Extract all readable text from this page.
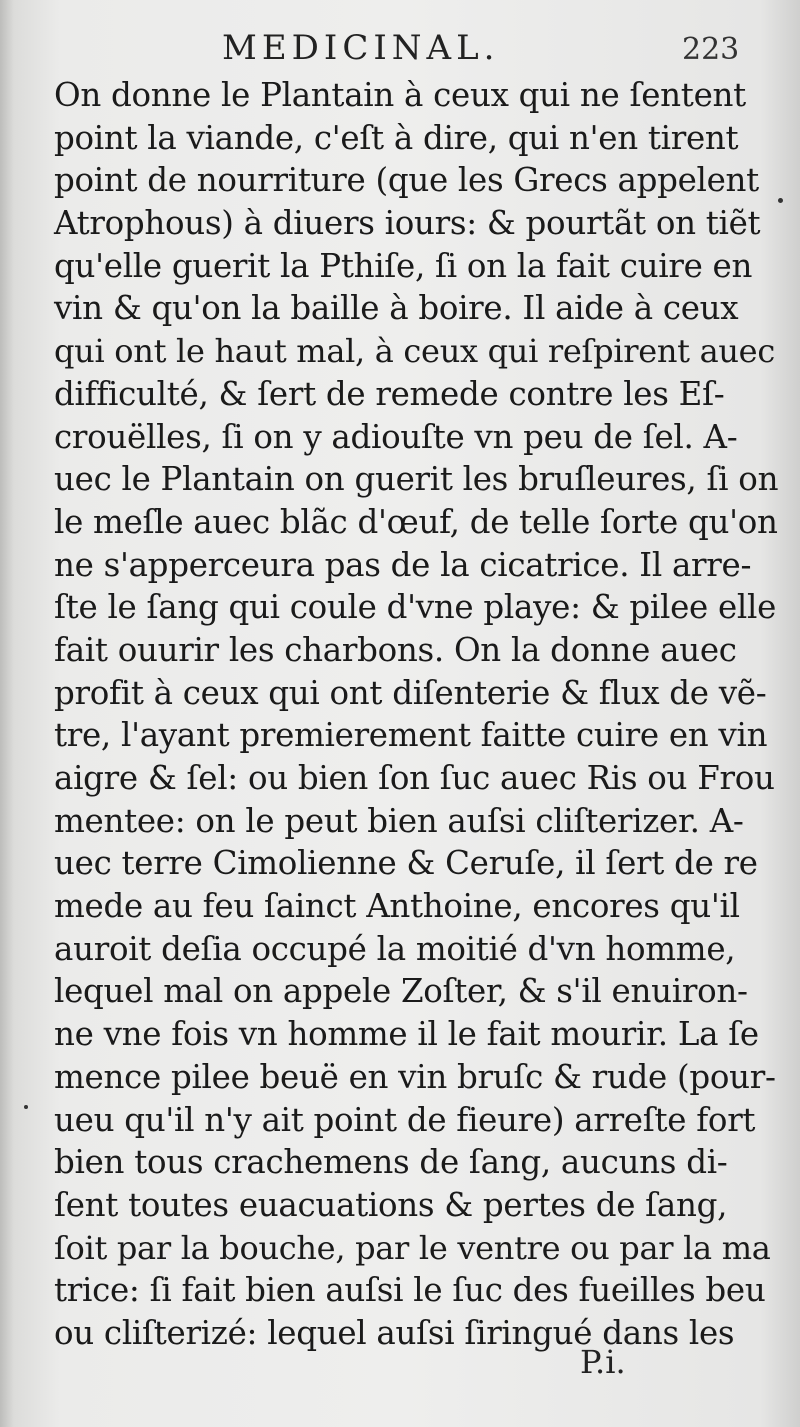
MEDICINAL.	223
On donne le Plantain à ceux qui ne ſentent
point la viande, c'eſt à dire, qui n'en tirent
point de nourriture (que les Grecs appelent
Atrophous) à diuers iours: & pourtãt on tiẽt
qu'elle guerit la Pthiſe, ſi on la fait cuire en
vin & qu'on la baille à boire. Il aide à ceux
qui ont le haut mal, à ceux qui reſpirent auec
difficulté, & ſert de remede contre les Eſ-
crouëlles, ſi on y adiouſte vn peu de ſel. A-
uec le Plantain on guerit les bruſleures, ſi on
le meſle auec blãc d'œuf, de telle ſorte qu'on
ne s'apperceura pas de la cicatrice. Il arre-
ſte le ſang qui coule d'vne playe: & pilee elle
fait ouurir les charbons. On la donne auec
profit à ceux qui ont diſenterie & flux de vẽ-
tre, l'ayant premierement faitte cuire en vin
aigre & ſel: ou bien ſon ſuc auec Ris ou Frou
mentee: on le peut bien auſsi cliſterizer. A-
uec terre Cimolienne & Ceruſe, il ſert de re
mede au feu ſainct Anthoine, encores qu'il
auroit deſia occupé la moitié d'vn homme,
lequel mal on appele Zoſter, & s'il enuiron-
ne vne fois vn homme il le fait mourir. La ſe
mence pilee beuë en vin bruſc & rude (pour-
ueu qu'il n'y ait point de fieure) arreſte fort
bien tous crachemens de ſang, aucuns di-
ſent toutes euacuations & pertes de ſang,
ſoit par la bouche, par le ventre ou par la ma
trice: ſi fait bien auſsi le ſuc des fueilles beu
ou cliſterizé: lequel auſsi ſiringué dans les
P.i.
